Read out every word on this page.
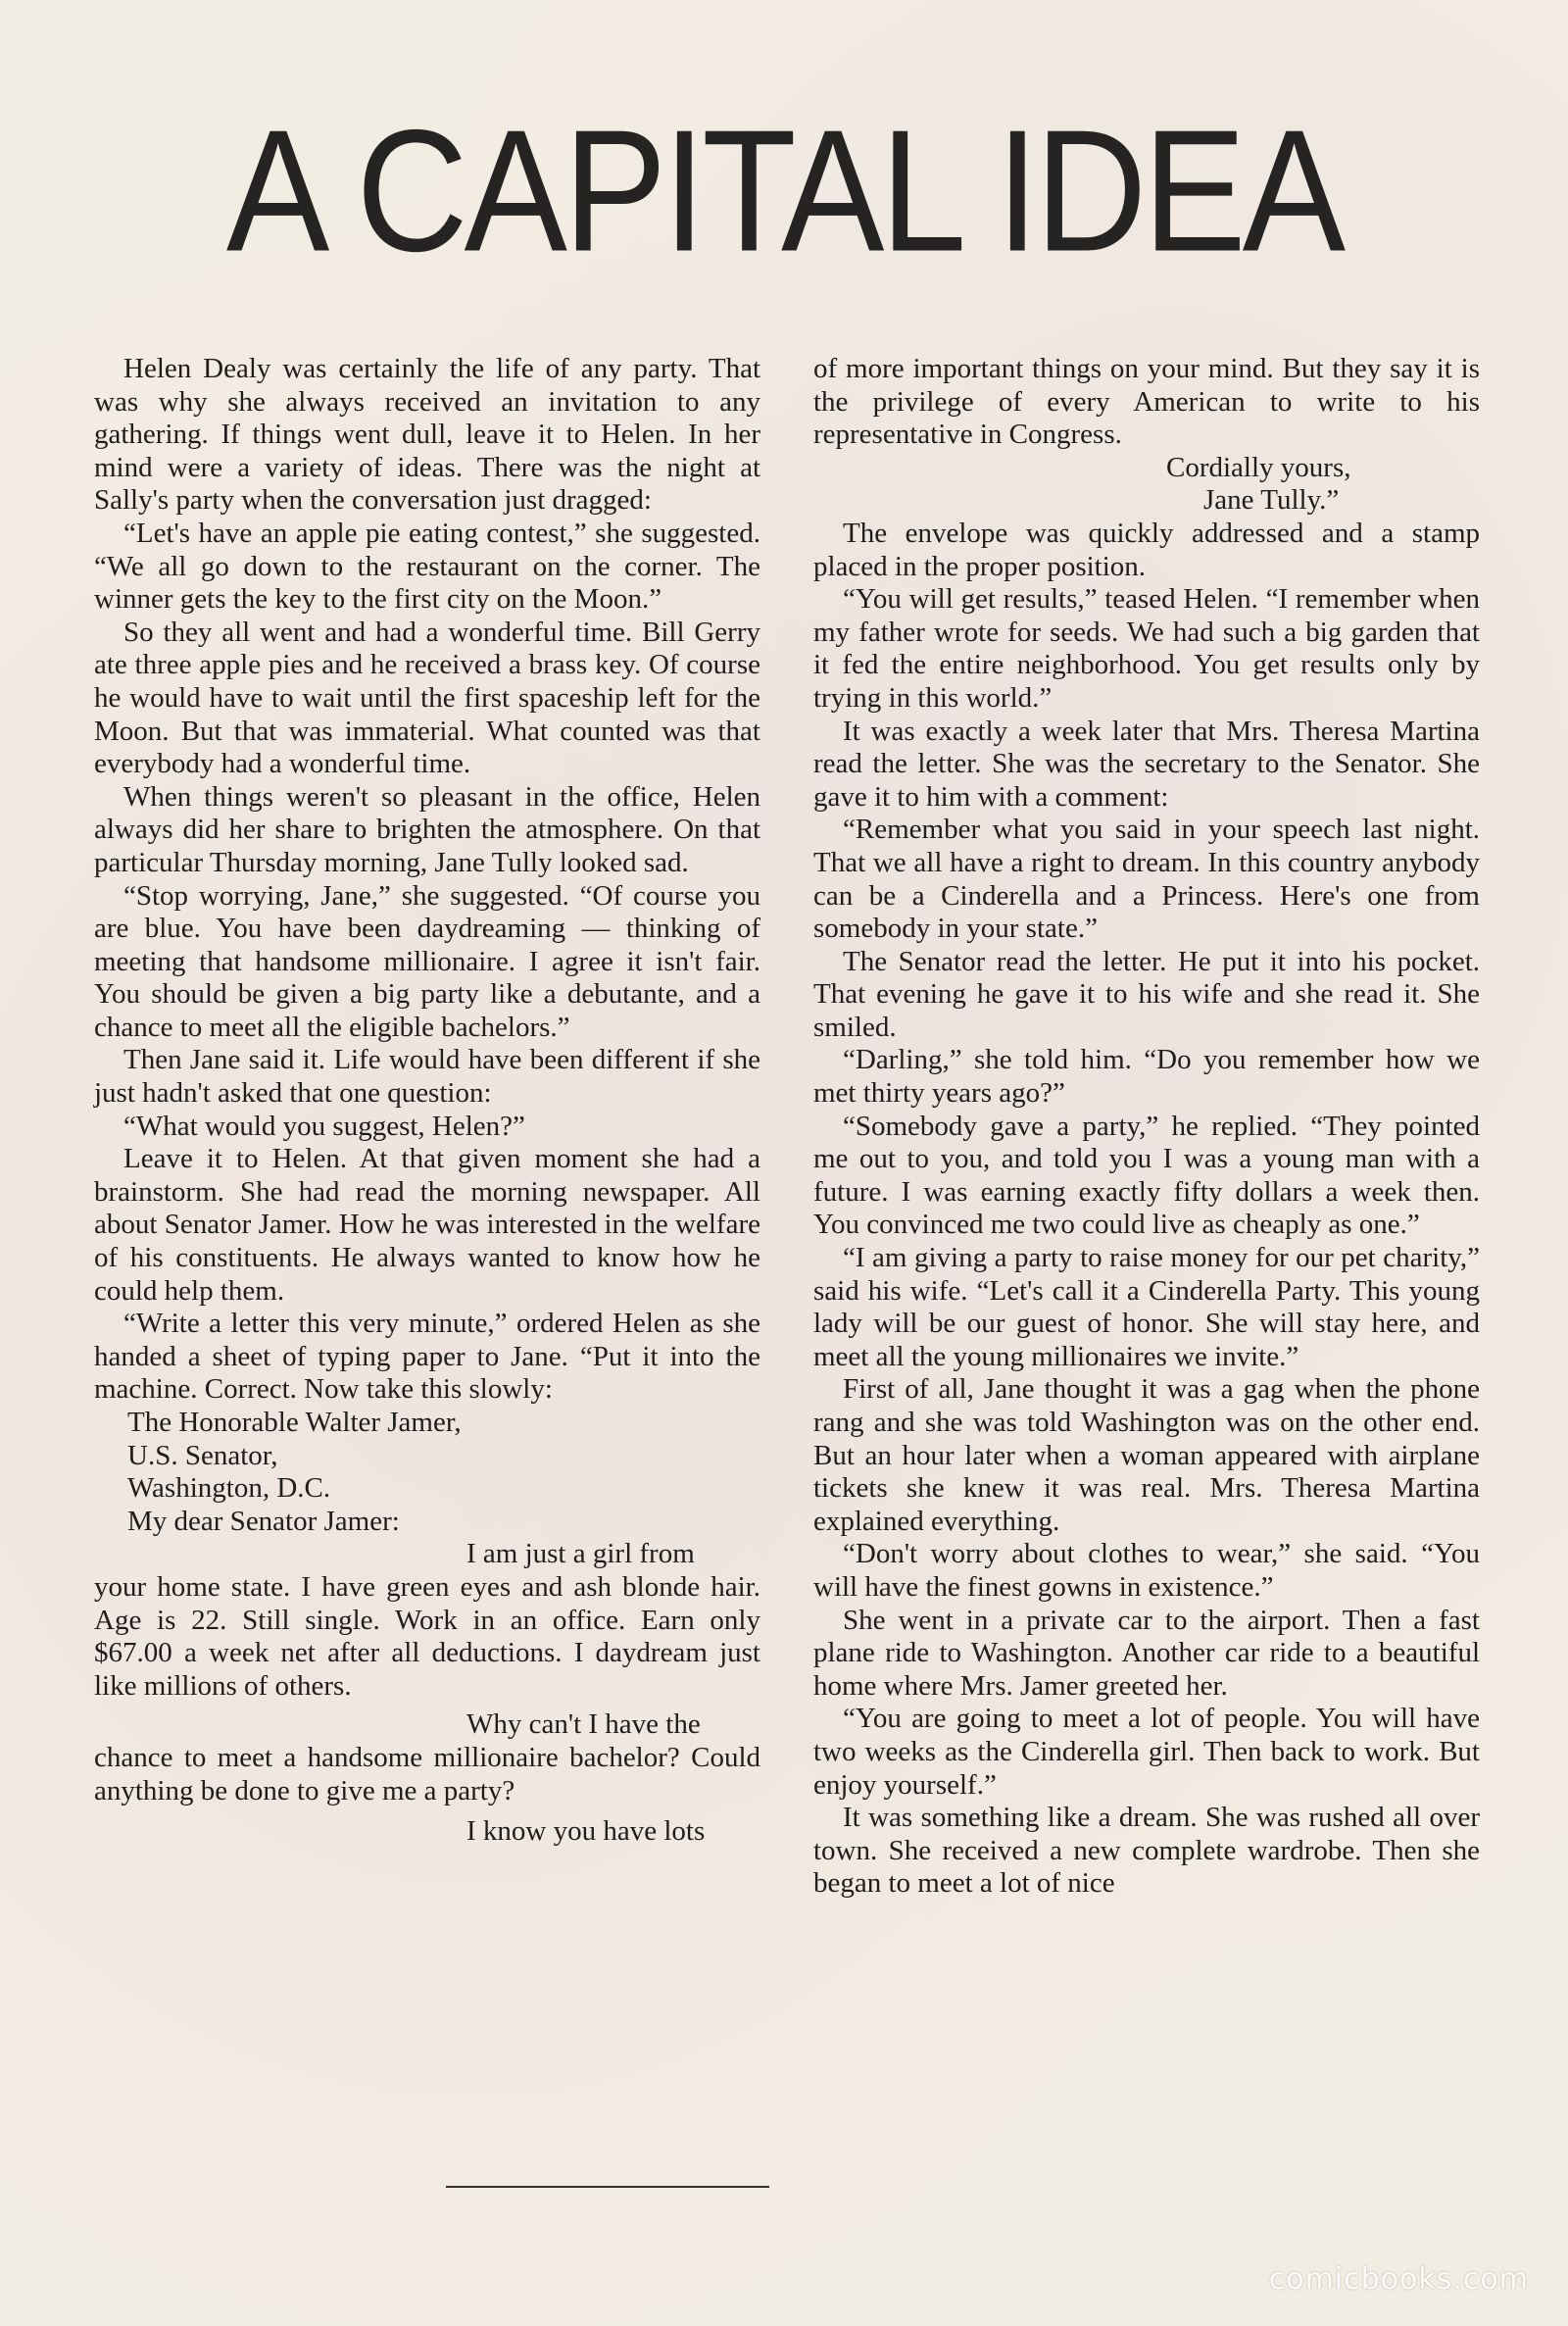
A CAPITAL IDEA

Helen Dealy was certainly the life of any party. That was why she always received an invitation to any gathering. If things went dull, leave it to Helen. In her mind were a variety of ideas. There was the night at Sally's party when the conversation just dragged:

“Let's have an apple pie eating contest,” she suggested. “We all go down to the restaurant on the corner. The winner gets the key to the first city on the Moon.”

So they all went and had a wonderful time. Bill Gerry ate three apple pies and he received a brass key. Of course he would have to wait until the first spaceship left for the Moon. But that was immaterial. What counted was that everybody had a wonderful time.

When things weren't so pleasant in the office, Helen always did her share to brighten the atmosphere. On that particular Thursday morning, Jane Tully looked sad.

“Stop worrying, Jane,” she suggested. “Of course you are blue. You have been daydreaming — thinking of meeting that handsome millionaire. I agree it isn't fair. You should be given a big party like a debutante, and a chance to meet all the eligible bachelors.”

Then Jane said it. Life would have been different if she just hadn't asked that one question:

“What would you suggest, Helen?”

Leave it to Helen. At that given moment she had a brainstorm. She had read the morning newspaper. All about Senator Jamer. How he was interested in the welfare of his constituents. He always wanted to know how he could help them.

“Write a letter this very minute,” ordered Helen as she handed a sheet of typing paper to Jane. “Put it into the machine. Correct. Now take this slowly:

The Honorable Walter Jamer,

U.S. Senator,

Washington, D.C.

My dear Senator Jamer:

I am just a girl from

your home state. I have green eyes and ash blonde hair. Age is 22. Still single. Work in an office. Earn only $67.00 a week net after all deductions. I daydream just like millions of others.

Why can't I have the

chance to meet a handsome millionaire bachelor? Could anything be done to give me a party?

I know you have lots

of more important things on your mind. But they say it is the privilege of every American to write to his representative in Congress.

Cordially yours,

Jane Tully.”

The envelope was quickly addressed and a stamp placed in the proper position.

“You will get results,” teased Helen. “I remember when my father wrote for seeds. We had such a big garden that it fed the entire neighborhood. You get results only by trying in this world.”

It was exactly a week later that Mrs. Theresa Martina read the letter. She was the secretary to the Senator. She gave it to him with a comment:

“Remember what you said in your speech last night. That we all have a right to dream. In this country anybody can be a Cinderella and a Princess. Here's one from somebody in your state.”

The Senator read the letter. He put it into his pocket. That evening he gave it to his wife and she read it. She smiled.

“Darling,” she told him. “Do you remember how we met thirty years ago?”

“Somebody gave a party,” he replied. “They pointed me out to you, and told you I was a young man with a future. I was earning exactly fifty dollars a week then. You convinced me two could live as cheaply as one.”

“I am giving a party to raise money for our pet charity,” said his wife. “Let's call it a Cinderella Party. This young lady will be our guest of honor. She will stay here, and meet all the young millionaires we invite.”

First of all, Jane thought it was a gag when the phone rang and she was told Washington was on the other end. But an hour later when a woman appeared with airplane tickets she knew it was real. Mrs. Theresa Martina explained everything.

“Don't worry about clothes to wear,” she said. “You will have the finest gowns in existence.”

She went in a private car to the airport. Then a fast plane ride to Washington. Another car ride to a beautiful home where Mrs. Jamer greeted her.

“You are going to meet a lot of people. You will have two weeks as the Cinderella girl. Then back to work. But enjoy yourself.”

It was something like a dream. She was rushed all over town. She received a new complete wardrobe. Then she began to meet a lot of nice

comicbooks.com
